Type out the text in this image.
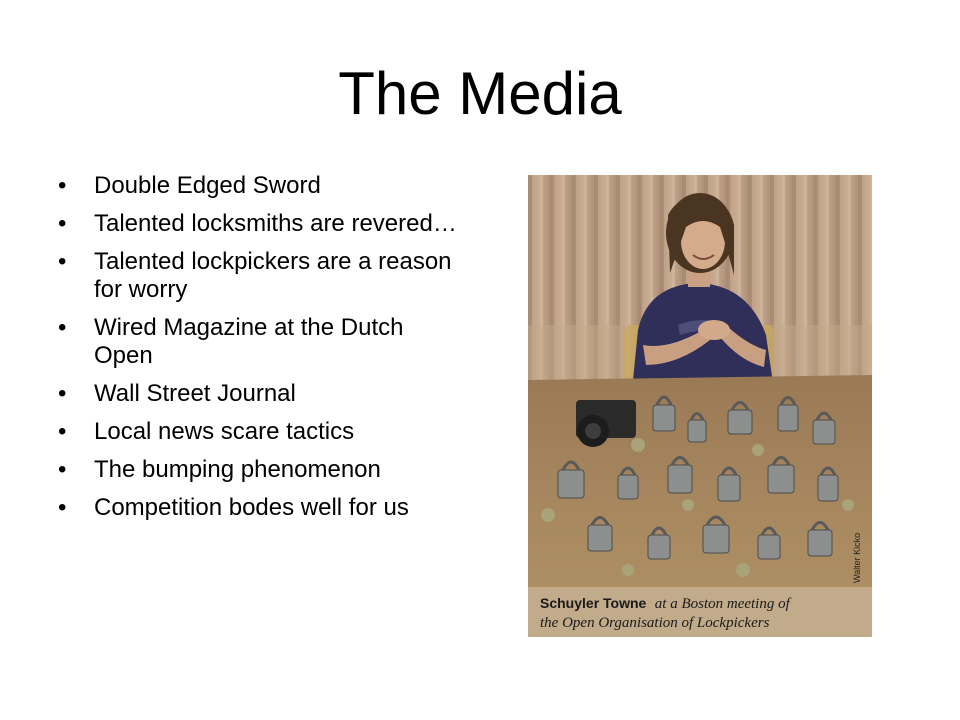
The Media
• Double Edged Sword
• Talented locksmiths are revered…
• Talented lockpickers are a reason for worry
• Wired Magazine at the Dutch Open
• Wall Street Journal
• Local news scare tactics
• The bumping phenomenon
• Competition bodes well for us
Walter Kicko
Schuyler Towne at a Boston meeting of
the Open Organisation of Lockpickers
